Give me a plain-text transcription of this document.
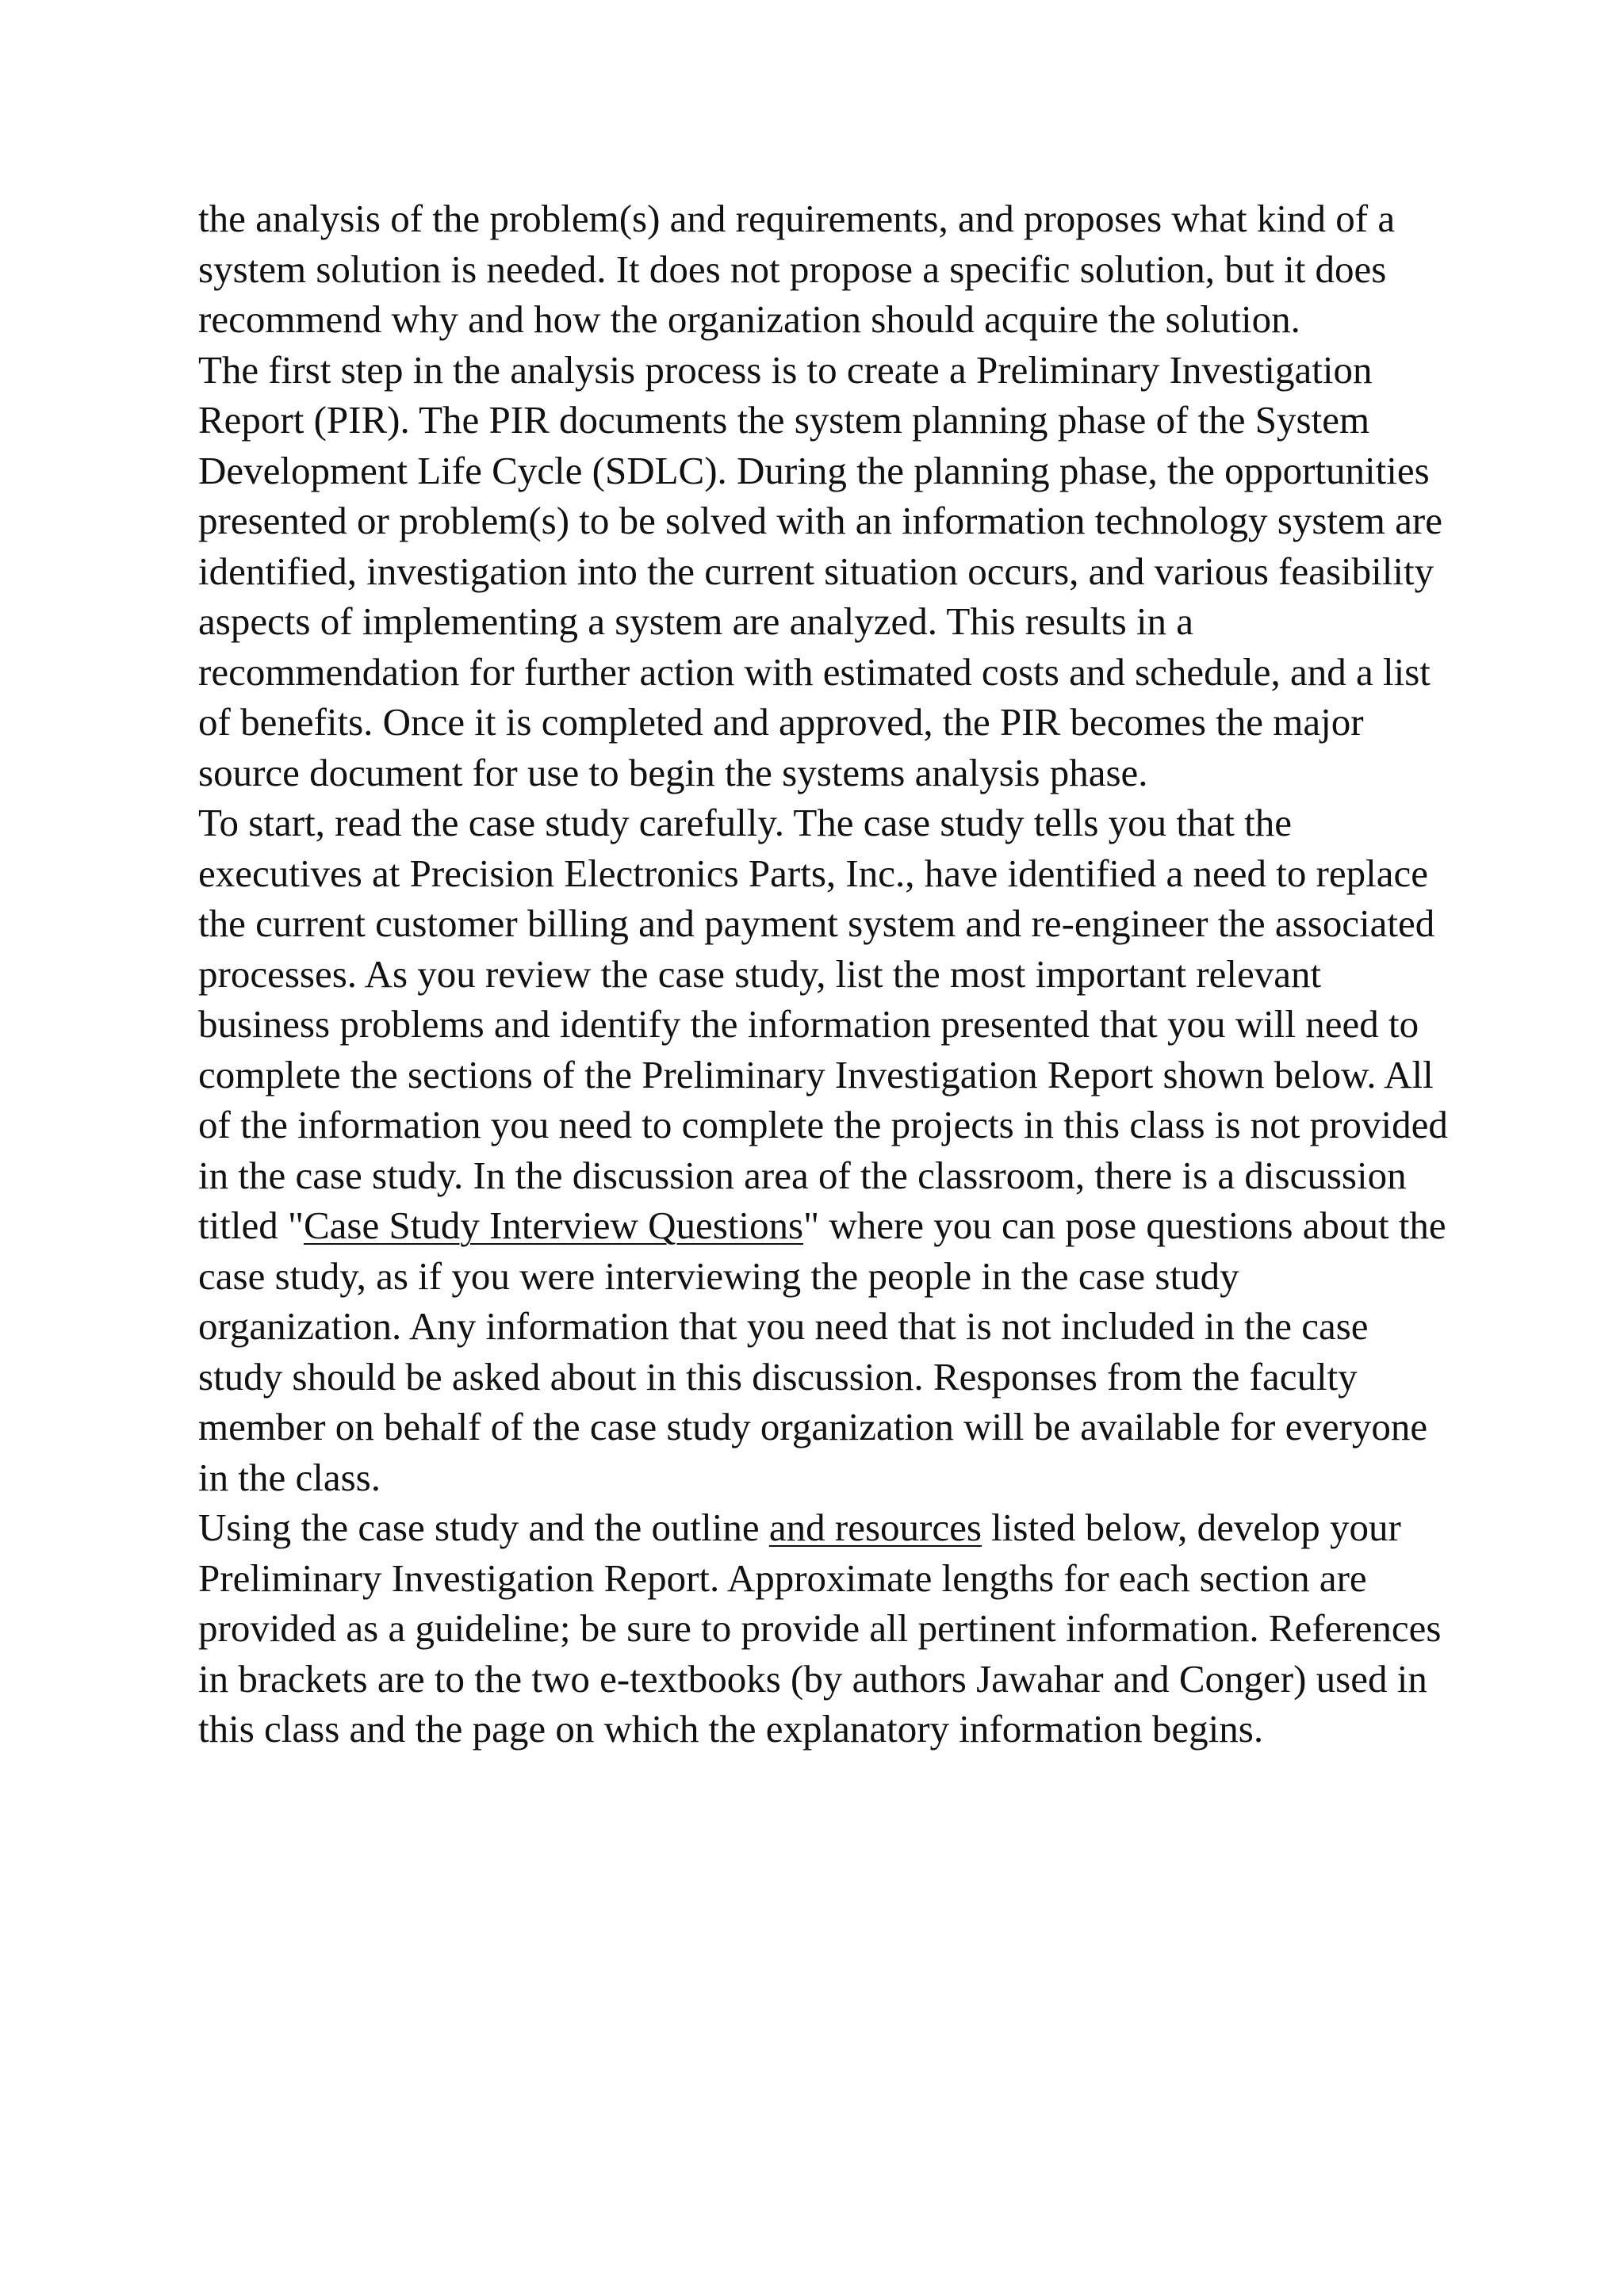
the analysis of the problem(s) and requirements, and proposes what kind of a system solution is needed. It does not propose a specific solution, but it does recommend why and how the organization should acquire the solution.

The first step in the analysis process is to create a Preliminary Investigation Report (PIR). The PIR documents the system planning phase of the System Development Life Cycle (SDLC). During the planning phase, the opportunities presented or problem(s) to be solved with an information technology system are identified, investigation into the current situation occurs, and various feasibility aspects of implementing a system are analyzed. This results in a recommendation for further action with estimated costs and schedule, and a list of benefits. Once it is completed and approved, the PIR becomes the major source document for use to begin the systems analysis phase.

To start, read the case study carefully. The case study tells you that the executives at Precision Electronics Parts, Inc., have identified a need to replace the current customer billing and payment system and re-engineer the associated processes. As you review the case study, list the most important relevant business problems and identify the information presented that you will need to complete the sections of the Preliminary Investigation Report shown below. All of the information you need to complete the projects in this class is not provided in the case study. In the discussion area of the classroom, there is a discussion titled "Case Study Interview Questions" where you can pose questions about the case study, as if you were interviewing the people in the case study organization. Any information that you need that is not included in the case study should be asked about in this discussion. Responses from the faculty member on behalf of the case study organization will be available for everyone in the class.

Using the case study and the outline and resources listed below, develop your Preliminary Investigation Report. Approximate lengths for each section are provided as a guideline; be sure to provide all pertinent information. References in brackets are to the two e-textbooks (by authors Jawahar and Conger) used in this class and the page on which the explanatory information begins.
